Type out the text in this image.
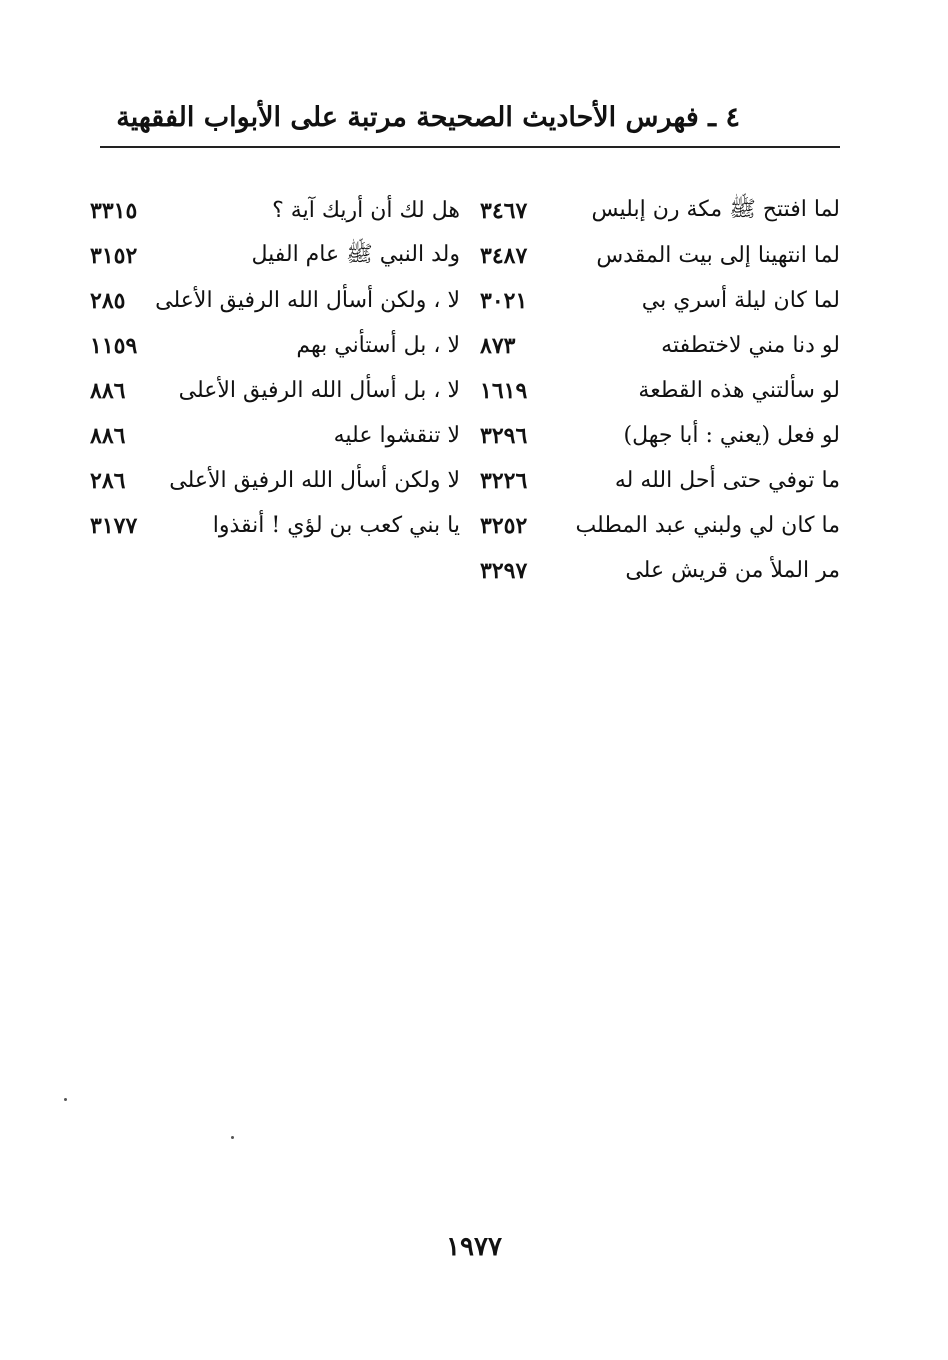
٤ ـ فهرس الأحاديث الصحيحة مرتبة على الأبواب الفقهية
لما افتتح ﷺ مكة رن إبليس
٣٤٦٧
لما انتهينا إلى بيت المقدس
٣٤٨٧
لما كان ليلة أسري بي
٣٠٢١
لو دنا مني لاختطفته
٨٧٣
لو سألتني هذه القطعة
١٦١٩
لو فعل (يعني : أبا جهل)
٣٢٩٦
ما توفي حتى أحل الله له
٣٢٢٦
ما كان لي ولبني عبد المطلب
٣٢٥٢
مر الملأ من قريش على
٣٢٩٧
هل لك أن أريك آية ؟
٣٣١٥
ولد النبي ﷺ عام الفيل
٣١٥٢
لا ، ولكن أسأل الله الرفيق الأعلى
٢٨٥
لا ، بل أستأني بهم
١١٥٩
لا ، بل أسأل الله الرفيق الأعلى
٨٨٦
لا تنقشوا عليه
٨٨٦
لا ولكن أسأل الله الرفيق الأعلى
٢٨٦
يا بني كعب بن لؤي ! أنقذوا
٣١٧٧
١٩٧٧
